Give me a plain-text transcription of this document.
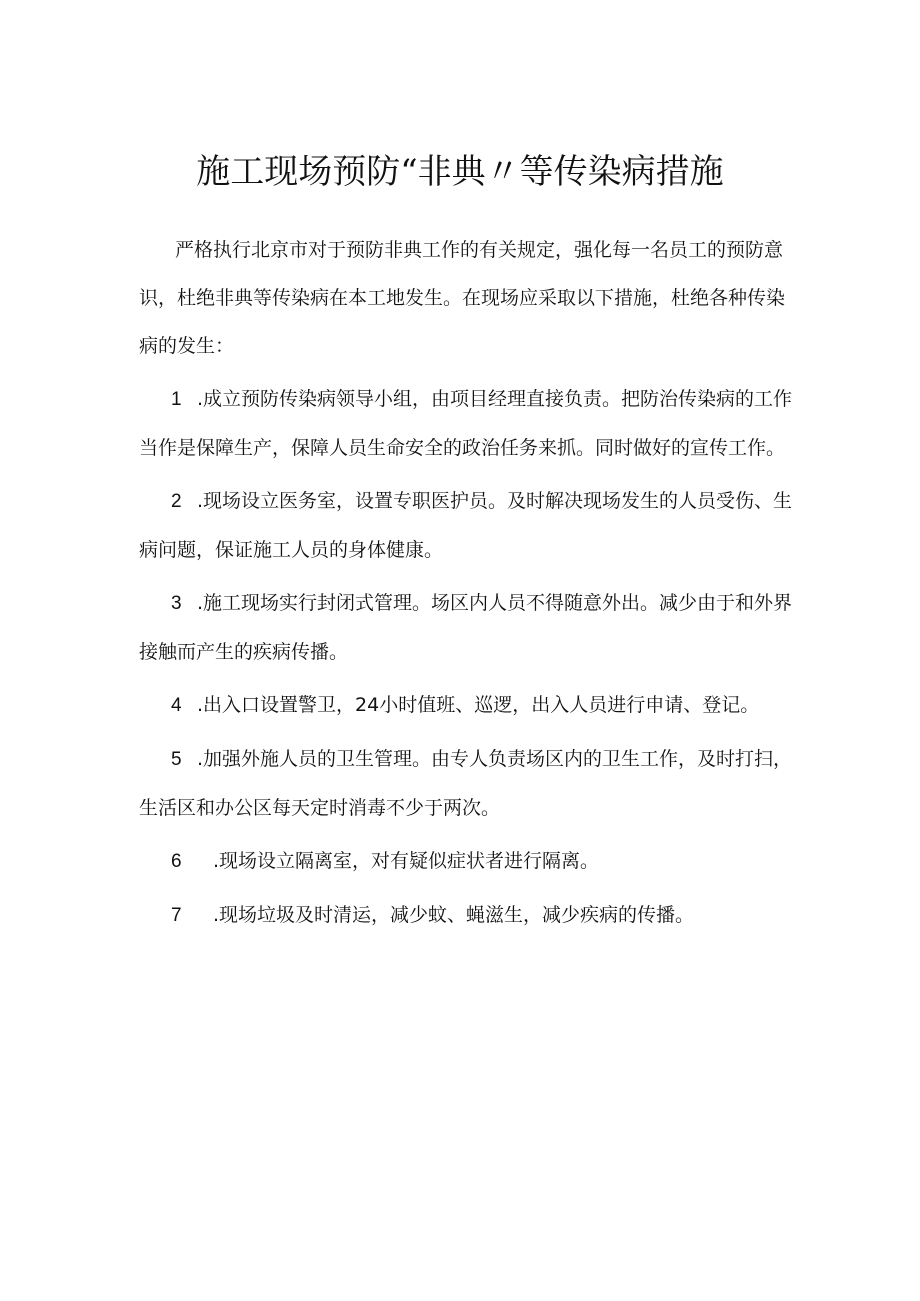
施工现场预防“非典〃等传染病措施

严格执行北京市对于预防非典工作的有关规定，强化每一名员工的预防意识，杜绝非典等传染病在本工地发生。在现场应采取以下措施，杜绝各种传染病的发生：

1 .成立预防传染病领导小组，由项目经理直接负责。把防治传染病的工作当作是保障生产，保障人员生命安全的政治任务来抓。同时做好的宣传工作。

2 .现场设立医务室，设置专职医护员。及时解决现场发生的人员受伤、生病问题，保证施工人员的身体健康。

3 .施工现场实行封闭式管理。场区内人员不得随意外出。减少由于和外界接触而产生的疾病传播。

4 .出入口设置警卫，24小时值班、巡逻，出入人员进行申请、登记。

5 .加强外施人员的卫生管理。由专人负责场区内的卫生工作，及时打扫，生活区和办公区每天定时消毒不少于两次。

6 .现场设立隔离室，对有疑似症状者进行隔离。

7 .现场垃圾及时清运，减少蚊、蝇滋生，减少疾病的传播。
